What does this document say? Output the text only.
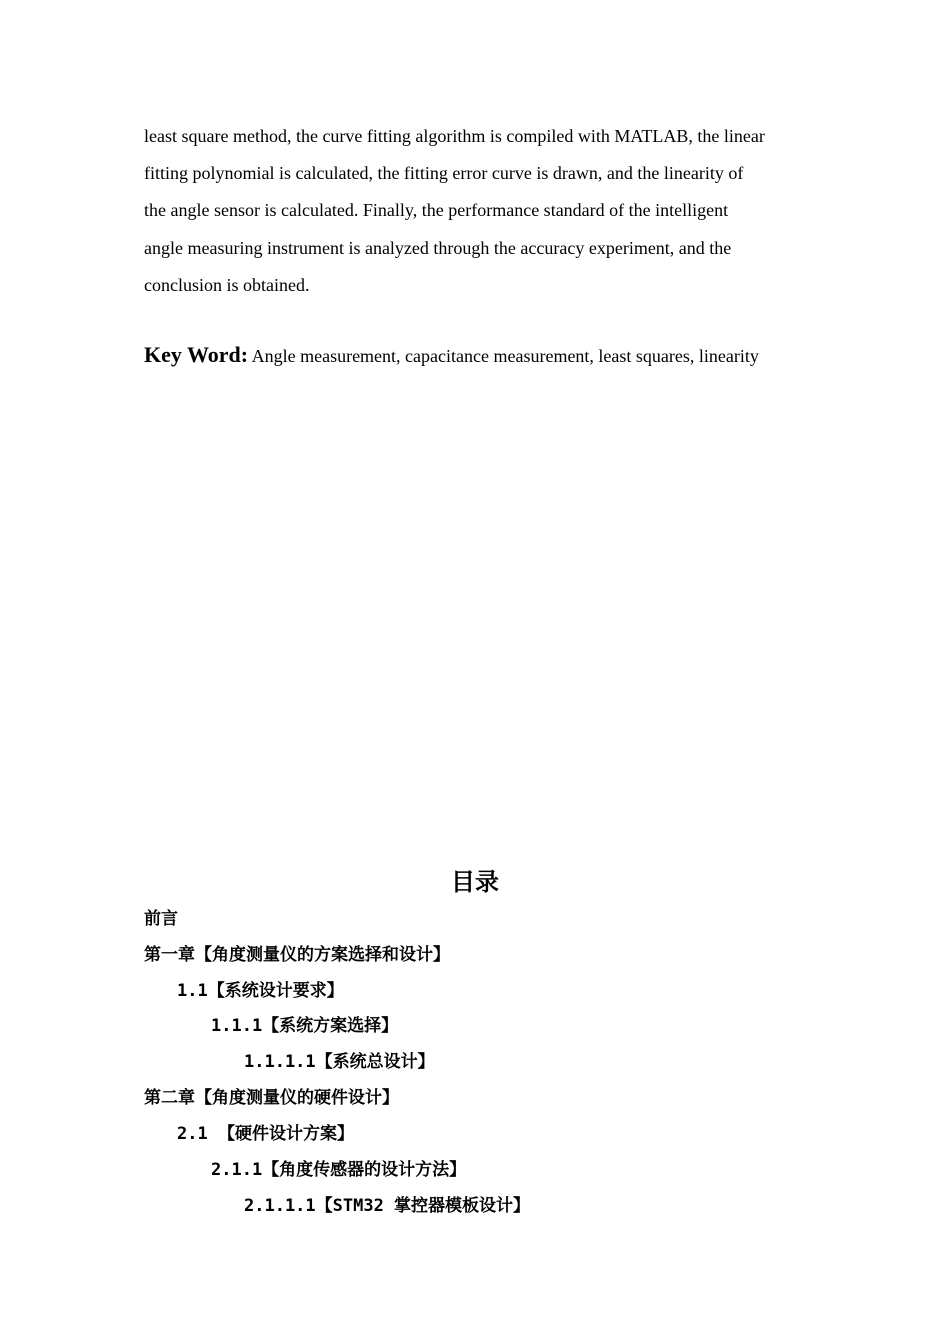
least square method, the curve fitting algorithm is compiled with MATLAB, the linear
fitting polynomial is calculated, the fitting error curve is drawn, and the linearity of
the angle sensor is calculated. Finally, the performance standard of the intelligent
angle measuring instrument is analyzed through the accuracy experiment, and the
conclusion is obtained.
Key Word: Angle measurement, capacitance measurement, least squares, linearity
目录
前言
第一章【角度测量仪的方案选择和设计】
1.1【系统设计要求】
1.1.1【系统方案选择】
1.1.1.1【系统总设计】
第二章【角度测量仪的硬件设计】
2.1 【硬件设计方案】
2.1.1【角度传感器的设计方法】
2.1.1.1【STM32 掌控器模板设计】
